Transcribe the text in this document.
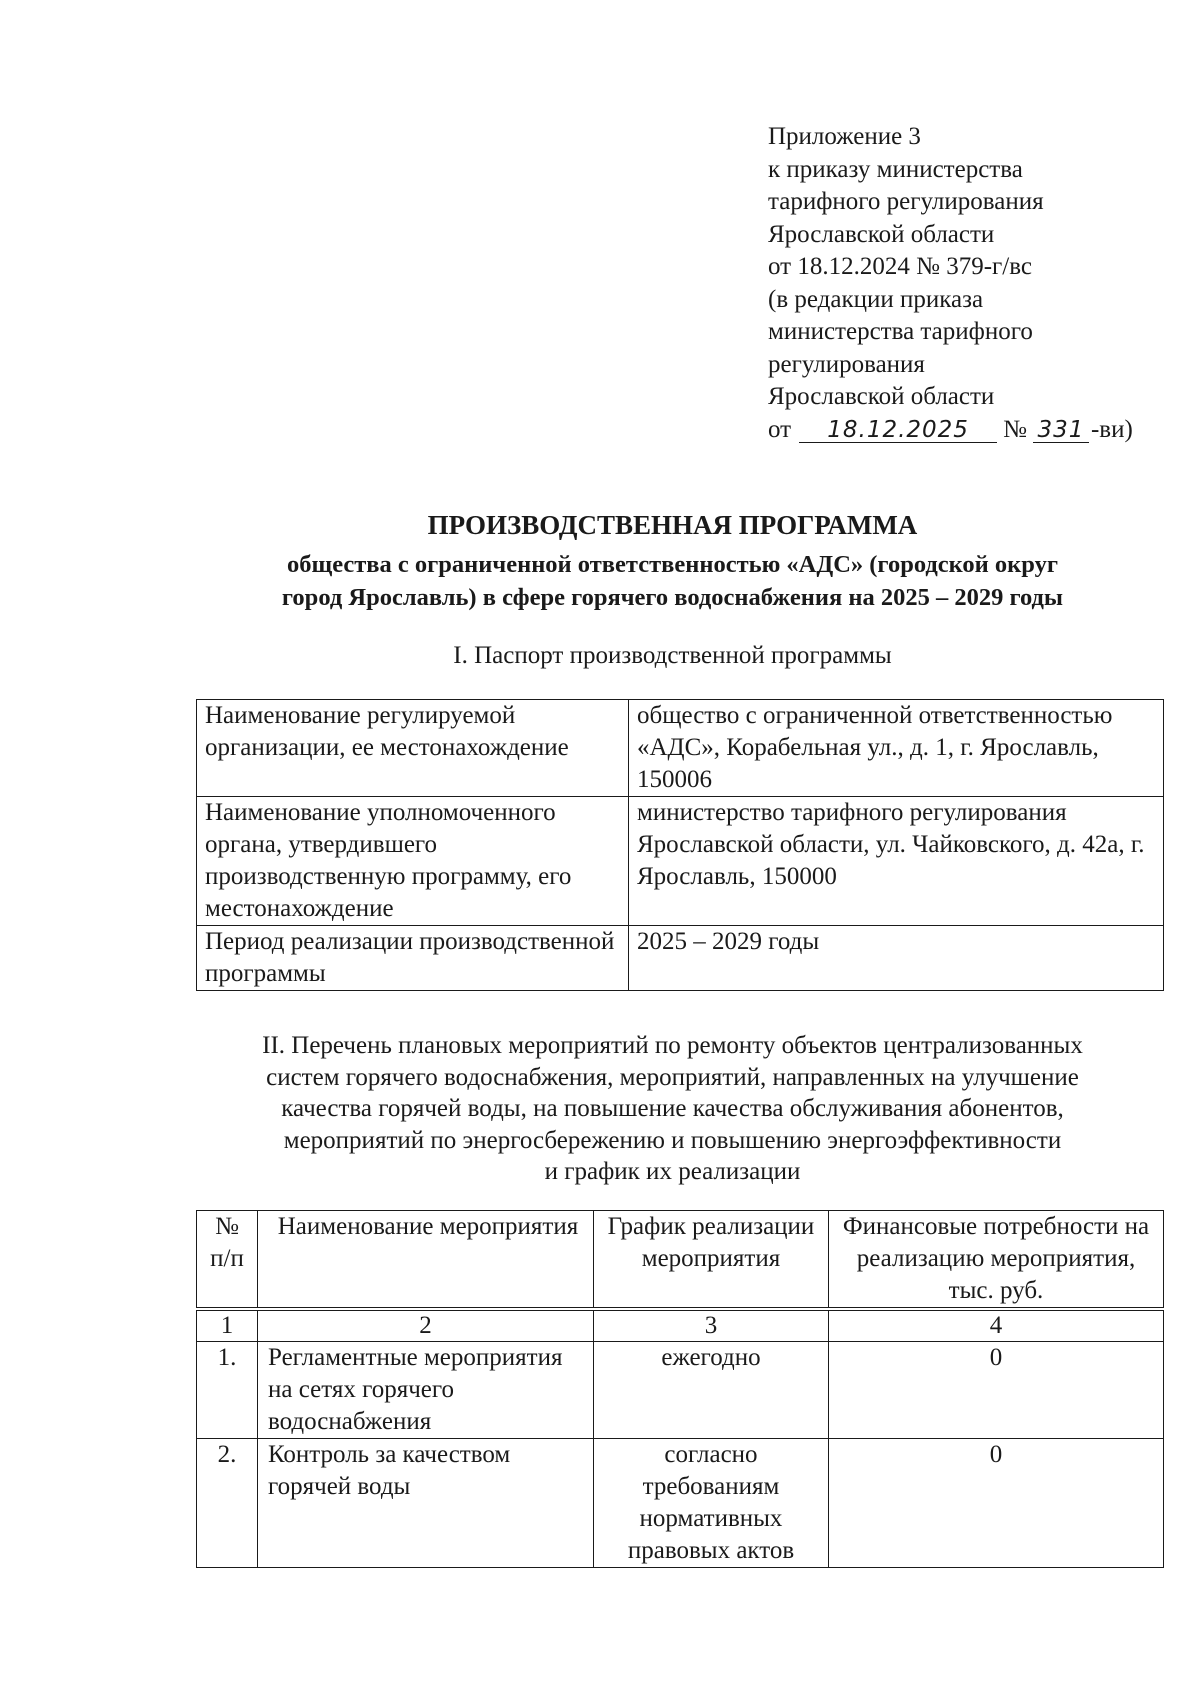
Приложение 3
к приказу министерства
тарифного регулирования
Ярославской области
от 18.12.2024 № 379-г/вс
(в редакции приказа
министерства тарифного
регулирования
Ярославской области
от 18.12.2025 № 331 -ви)
ПРОИЗВОДСТВЕННАЯ ПРОГРАММА
общества с ограниченной ответственностью «АДС» (городской округ
город Ярославль) в сфере горячего водоснабжения на 2025 – 2029 годы
I. Паспорт производственной программы
Наименование регулируемой организации, ее местонахождение	общество с ограниченной ответственностью «АДС», Корабельная ул., д. 1, г. Ярославль, 150006
Наименование уполномоченного органа, утвердившего производственную программу, его местонахождение	министерство тарифного регулирования Ярославской области, ул. Чайковского, д. 42а, г. Ярославль, 150000
Период реализации производственной программы	2025 – 2029 годы
II. Перечень плановых мероприятий по ремонту объектов централизованных
систем горячего водоснабжения, мероприятий, направленных на улучшение
качества горячей воды, на повышение качества обслуживания абонентов,
мероприятий по энергосбережению и повышению энергоэффективности
и график их реализации
№ п/п	Наименование мероприятия	График реализации мероприятия	Финансовые потребности на реализацию мероприятия, тыс. руб.
1	2	3	4
1.	Регламентные мероприятия на сетях горячего водоснабжения	ежегодно	0
2.	Контроль за качеством горячей воды	согласно требованиям нормативных правовых актов	0
